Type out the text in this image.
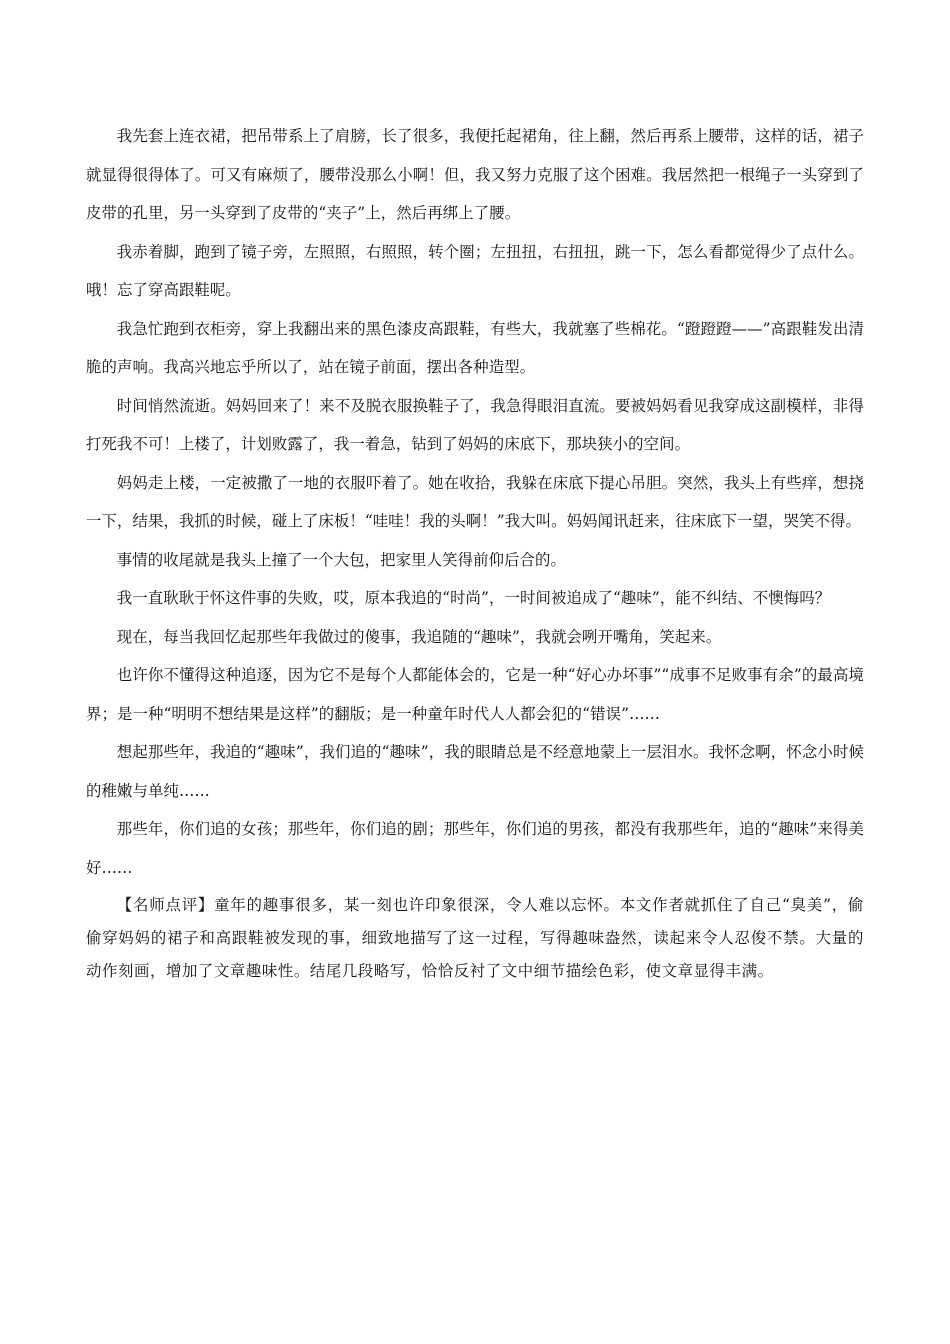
我先套上连衣裙，把吊带系上了肩膀，长了很多，我便托起裙角，往上翻，然后再系上腰带，这样的话，裙子就显得很得体了。可又有麻烦了，腰带没那么小啊！但，我又努力克服了这个困难。我居然把一根绳子一头穿到了皮带的孔里，另一头穿到了皮带的“夹子”上，然后再绑上了腰。

我赤着脚，跑到了镜子旁，左照照，右照照，转个圈；左扭扭，右扭扭，跳一下，怎么看都觉得少了点什么。哦！忘了穿高跟鞋呢。

我急忙跑到衣柜旁，穿上我翻出来的黑色漆皮高跟鞋，有些大，我就塞了些棉花。“蹬蹬蹬——”高跟鞋发出清脆的声响。我高兴地忘乎所以了，站在镜子前面，摆出各种造型。

时间悄然流逝。妈妈回来了！来不及脱衣服换鞋子了，我急得眼泪直流。要被妈妈看见我穿成这副模样，非得打死我不可！上楼了，计划败露了，我一着急，钻到了妈妈的床底下，那块狭小的空间。

妈妈走上楼，一定被撒了一地的衣服吓着了。她在收拾，我躲在床底下提心吊胆。突然，我头上有些痒，想挠一下，结果，我抓的时候，碰上了床板！“哇哇！我的头啊！”我大叫。妈妈闻讯赶来，往床底下一望，哭笑不得。

事情的收尾就是我头上撞了一个大包，把家里人笑得前仰后合的。

我一直耿耿于怀这件事的失败，哎，原本我追的“时尚”，一时间被追成了“趣味”，能不纠结、不懊悔吗？

现在，每当我回忆起那些年我做过的傻事，我追随的“趣味”，我就会咧开嘴角，笑起来。

也许你不懂得这种追逐，因为它不是每个人都能体会的，它是一种“好心办坏事”“成事不足败事有余”的最高境界；是一种“明明不想结果是这样”的翻版；是一种童年时代人人都会犯的“错误”……

想起那些年，我追的“趣味”，我们追的“趣味”，我的眼睛总是不经意地蒙上一层泪水。我怀念啊，怀念小时候的稚嫩与单纯……

那些年，你们追的女孩；那些年，你们追的剧；那些年，你们追的男孩，都没有我那些年，追的“趣味”来得美好……

【名师点评】童年的趣事很多，某一刻也许印象很深，令人难以忘怀。本文作者就抓住了自己“臭美”，偷偷穿妈妈的裙子和高跟鞋被发现的事，细致地描写了这一过程，写得趣味盎然，读起来令人忍俊不禁。大量的动作刻画，增加了文章趣味性。结尾几段略写，恰恰反衬了文中细节描绘色彩，使文章显得丰满。
